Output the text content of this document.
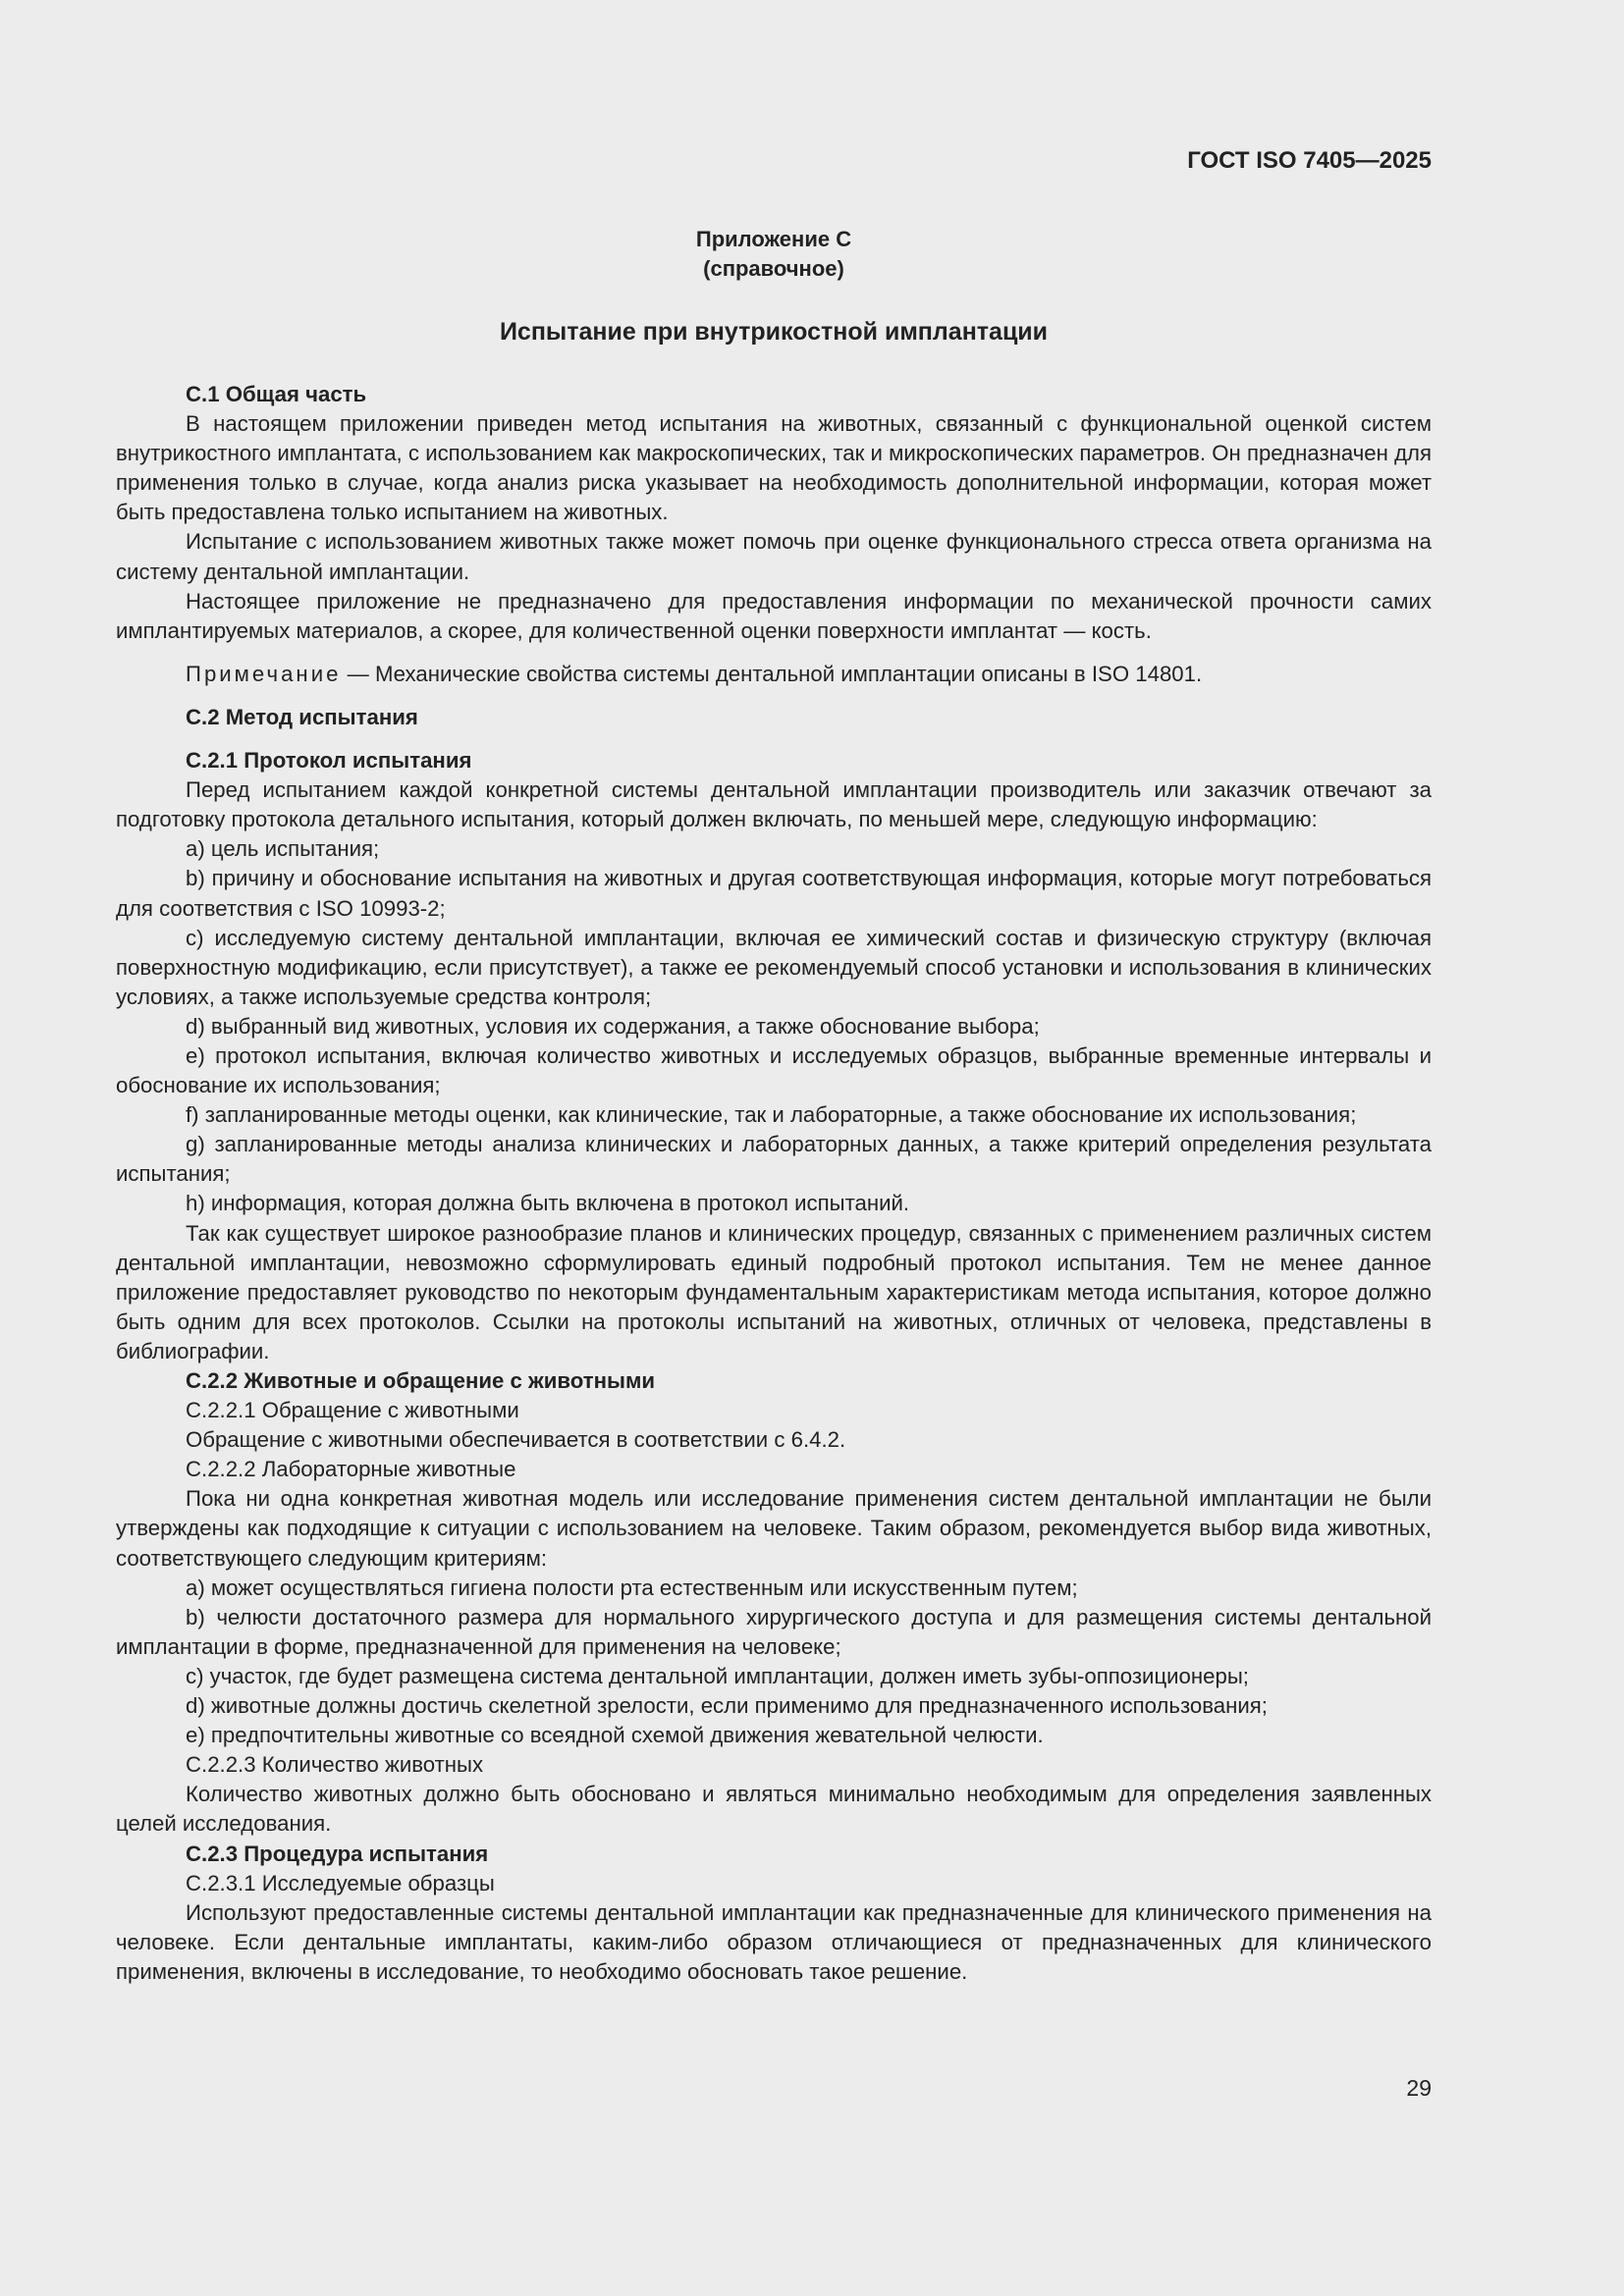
ГОСТ ISO 7405—2025
Приложение С
(справочное)
Испытание при внутрикостной имплантации

С.1 Общая часть

В настоящем приложении приведен метод испытания на животных, связанный с функциональной оценкой систем внутрикостного имплантата, с использованием как макроскопических, так и микроскопических параметров. Он предназначен для применения только в случае, когда анализ риска указывает на необходимость дополнительной информации, которая может быть предоставлена только испытанием на животных.

Испытание с использованием животных также может помочь при оценке функционального стресса ответа организма на систему дентальной имплантации.

Настоящее приложение не предназначено для предоставления информации по механической прочности самих имплантируемых материалов, а скорее, для количественной оценки поверхности имплантат — кость.

Примечание — Механические свойства системы дентальной имплантации описаны в ISO 14801.

С.2 Метод испытания

С.2.1 Протокол испытания

Перед испытанием каждой конкретной системы дентальной имплантации производитель или заказчик отвечают за подготовку протокола детального испытания, который должен включать, по меньшей мере, следующую информацию:

a) цель испытания;

b) причину и обоснование испытания на животных и другая соответствующая информация, которые могут потребоваться для соответствия с ISO 10993-2;

c) исследуемую систему дентальной имплантации, включая ее химический состав и физическую структуру (включая поверхностную модификацию, если присутствует), а также ее рекомендуемый способ установки и использования в клинических условиях, а также используемые средства контроля;

d) выбранный вид животных, условия их содержания, а также обоснование выбора;

e) протокол испытания, включая количество животных и исследуемых образцов, выбранные временные интервалы и обоснование их использования;

f) запланированные методы оценки, как клинические, так и лабораторные, а также обоснование их использования;

g) запланированные методы анализа клинических и лабораторных данных, а также критерий определения результата испытания;

h) информация, которая должна быть включена в протокол испытаний.

Так как существует широкое разнообразие планов и клинических процедур, связанных с применением различных систем дентальной имплантации, невозможно сформулировать единый подробный протокол испытания. Тем не менее данное приложение предоставляет руководство по некоторым фундаментальным характеристикам метода испытания, которое должно быть одним для всех протоколов. Ссылки на протоколы испытаний на животных, отличных от человека, представлены в библиографии.

С.2.2 Животные и обращение с животными

С.2.2.1 Обращение с животными

Обращение с животными обеспечивается в соответствии с 6.4.2.

С.2.2.2 Лабораторные животные

Пока ни одна конкретная животная модель или исследование применения систем дентальной имплантации не были утверждены как подходящие к ситуации с использованием на человеке. Таким образом, рекомендуется выбор вида животных, соответствующего следующим критериям:

a) может осуществляться гигиена полости рта естественным или искусственным путем;

b) челюсти достаточного размера для нормального хирургического доступа и для размещения системы дентальной имплантации в форме, предназначенной для применения на человеке;

c) участок, где будет размещена система дентальной имплантации, должен иметь зубы-оппозиционеры;

d) животные должны достичь скелетной зрелости, если применимо для предназначенного использования;

e) предпочтительны животные со всеядной схемой движения жевательной челюсти.

С.2.2.3 Количество животных

Количество животных должно быть обосновано и являться минимально необходимым для определения заявленных целей исследования.

С.2.3 Процедура испытания

С.2.3.1 Исследуемые образцы

Используют предоставленные системы дентальной имплантации как предназначенные для клинического применения на человеке. Если дентальные имплантаты, каким-либо образом отличающиеся от предназначенных для клинического применения, включены в исследование, то необходимо обосновать такое решение.

29
